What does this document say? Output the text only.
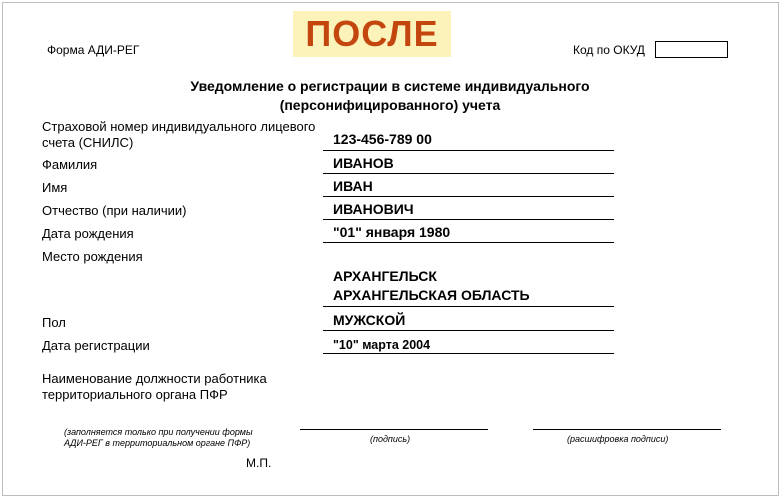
ПОСЛЕ
Форма АДИ-РЕГ	Код по ОКУД
Уведомление о регистрации в системе индивидуального
(персонифицированного) учета
Страховой номер индивидуального лицевого
счета (СНИЛС)	123-456-789 00
Фамилия	ИВАНОВ
Имя	ИВАН
Отчество (при наличии)	ИВАНОВИЧ
Дата рождения	"01" января 1980
Место рождения
АРХАНГЕЛЬСК
АРХАНГЕЛЬСКАЯ ОБЛАСТЬ
Пол	МУЖСКОЙ
Дата регистрации	"10" марта 2004
Наименование должности работника
территориального органа ПФР
(заполняется только при получении формы
АДИ-РЕГ в территориальном органе ПФР)	(подпись)	(расшифровка подписи)
М.П.
